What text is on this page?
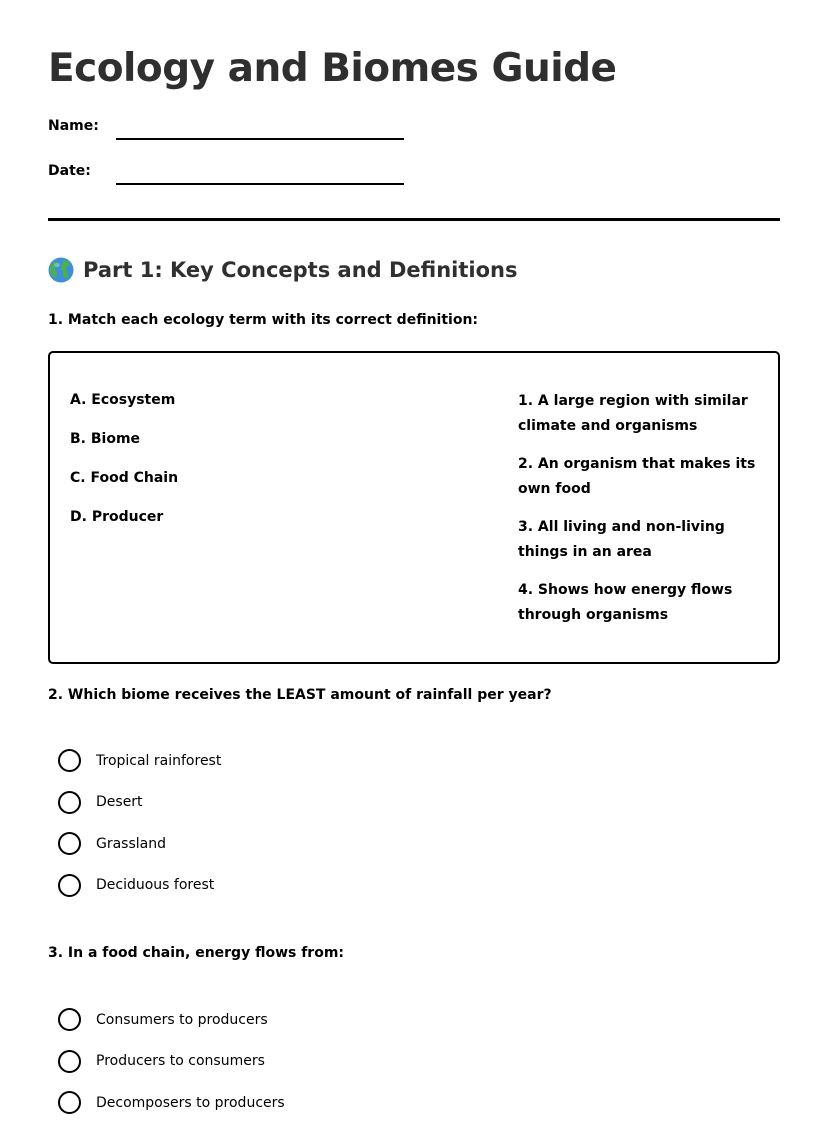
Ecology and Biomes Guide
Name:
Date:
Part 1: Key Concepts and Definitions
1. Match each ecology term with its correct definition:
A. Ecosystem
B. Biome
C. Food Chain
D. Producer
1. A large region with similar climate and organisms
2. An organism that makes its own food
3. All living and non-living things in an area
4. Shows how energy flows through organisms
2. Which biome receives the LEAST amount of rainfall per year?
Tropical rainforest
Desert
Grassland
Deciduous forest
3. In a food chain, energy flows from:
Consumers to producers
Producers to consumers
Decomposers to producers
